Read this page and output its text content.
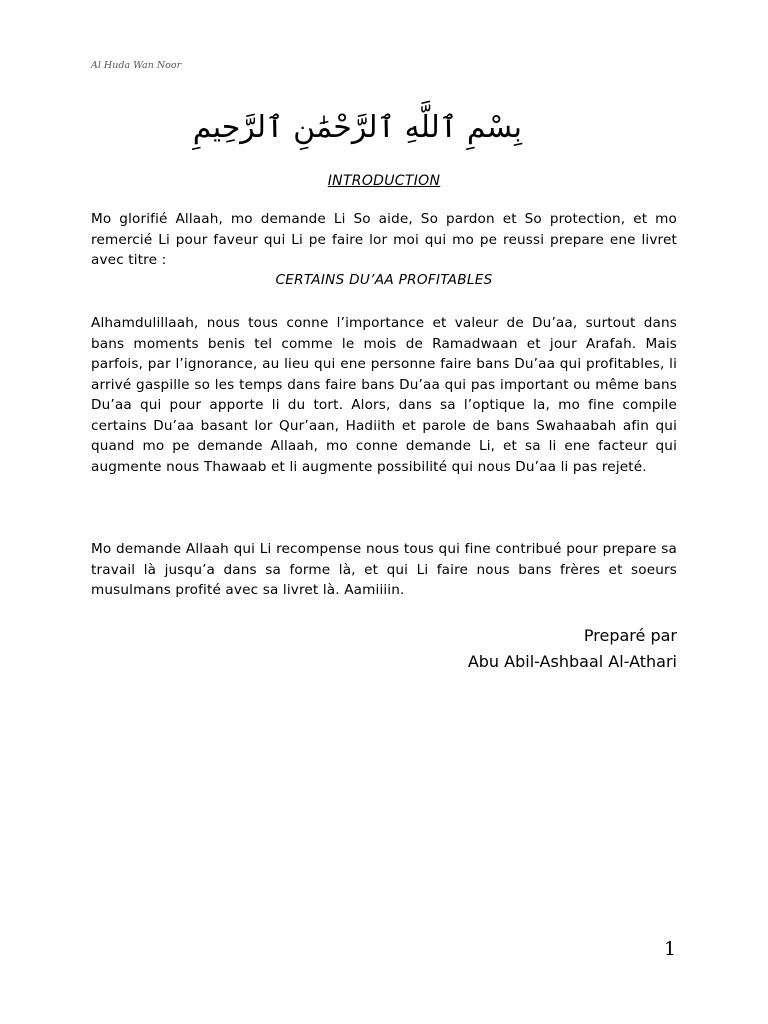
Al Huda Wan Noor
بِسْمِ ٱللَّهِ ٱلرَّحْمَٰنِ ٱلرَّحِيمِ
INTRODUCTION

Mo glorifié Allaah, mo demande Li So aide, So pardon et So protection, et mo remercié Li pour faveur qui Li pe faire lor moi qui mo pe reussi prepare ene livret avec titre :

CERTAINS DU’AA PROFITABLES

Alhamdulillaah, nous tous conne l’importance et valeur de Du’aa, surtout dans bans moments benis tel comme le mois de Ramadwaan et jour Arafah. Mais parfois, par l’ignorance, au lieu qui ene personne faire bans Du’aa qui profitables, li arrivé gaspille so les temps dans faire bans Du’aa qui pas important ou même bans Du’aa qui pour apporte li du tort. Alors, dans sa l’optique la, mo fine compile certains Du’aa basant lor Qur’aan, Hadiith et parole de bans Swahaabah afin qui quand mo pe demande Allaah, mo conne demande Li, et sa li ene facteur qui augmente nous Thawaab et li augmente possibilité qui nous Du’aa li pas rejeté.

Mo demande Allaah qui Li recompense nous tous qui fine contribué pour prepare sa travail là jusqu’a dans sa forme là, et qui Li faire nous bans frères et soeurs musulmans profité avec sa livret là. Aamiiiin.

Preparé par
Abu Abil-Ashbaal Al-Athari
1
